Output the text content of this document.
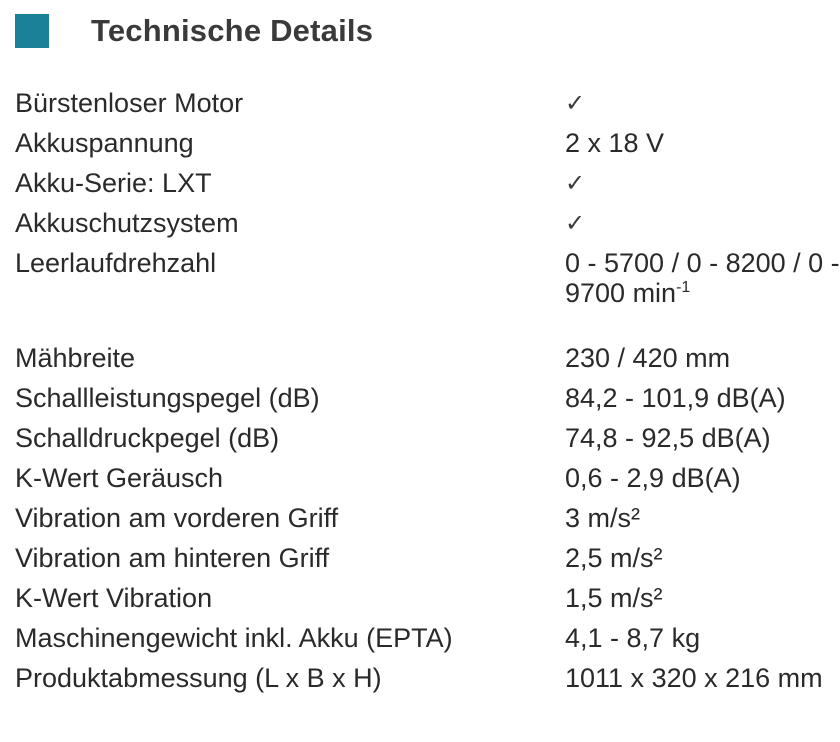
Technische Details
Bürstenloser Motor	✓
Akkuspannung	2 x 18 V
Akku-Serie: LXT	✓
Akkuschutzsystem	✓
Leerlaufdrehzahl	0 - 5700 / 0 - 8200 / 0 - 9700 $\min^{-1}$
Mähbreite	230 / 420 mm
Schallleistungspegel (dB)	84,2 - 101,9 dB(A)
Schalldruckpegel (dB)	74,8 - 92,5 dB(A)
K-Wert Geräusch	0,6 - 2,9 dB(A)
Vibration am vorderen Griff	3 m/s²
Vibration am hinteren Griff	2,5 m/s²
K-Wert Vibration	1,5 m/s²
Maschinengewicht inkl. Akku (EPTA)	4,1 - 8,7 kg
Produktabmessung (L x B x H)	1011 x 320 x 216 mm
